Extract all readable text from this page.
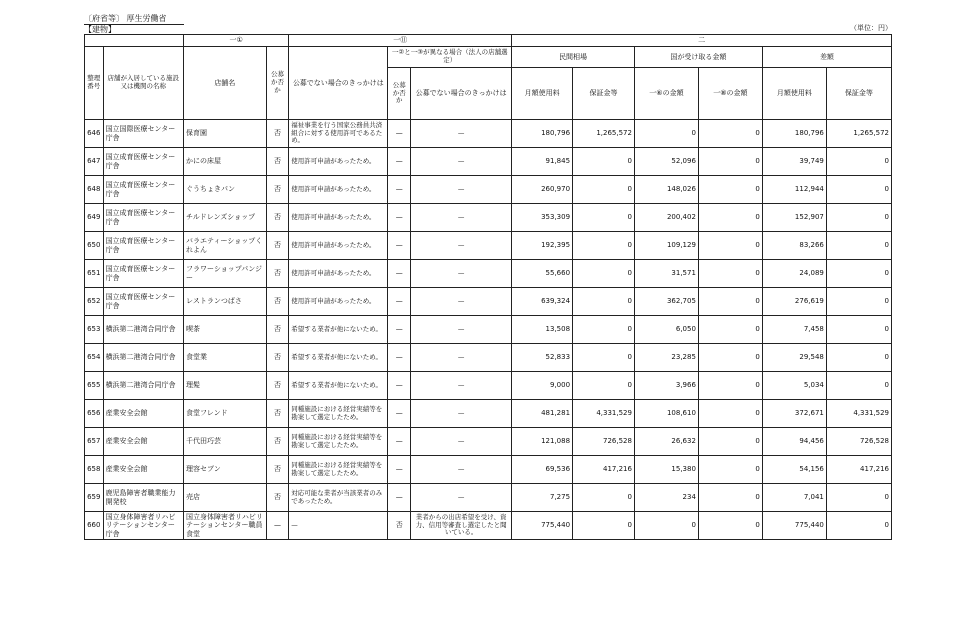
〔府省等〕 厚生労働省
【建物】	（単位：円）
		一①		一⑪			二					
整理番号	店舗が入居している施設又は機関の名称	店舗名	公募か否か	公募でない場合のきっかけは	一②と一③が異なる場合（法人の店舗選定）		民間相場		国が受け取る金額		差額	
					公募か否か	公募でない場合のきっかけは	月額使用料	保証金等	一⑥の金額	一⑧の金額	月額使用料	保証金等
646	国立国際医療センター庁舎	保育園	否	福祉事業を行う国家公務員共済組合に対する使用許可であるため。	—	—	180,796	1,265,572	0	0	180,796	1,265,572
647	国立成育医療センター庁舎	かにの床屋	否	使用許可申請があったため。	—	—	91,845	0	52,096	0	39,749	0
648	国立成育医療センター庁舎	ぐうちょきパン	否	使用許可申請があったため。	—	—	260,970	0	148,026	0	112,944	0
649	国立成育医療センター庁舎	チルドレンズショップ	否	使用許可申請があったため。	—	—	353,309	0	200,402	0	152,907	0
650	国立成育医療センター庁舎	バラエティーショップくれよん	否	使用許可申請があったため。	—	—	192,395	0	109,129	0	83,266	0
651	国立成育医療センター庁舎	フラワーショップパンジー	否	使用許可申請があったため。	—	—	55,660	0	31,571	0	24,089	0
652	国立成育医療センター庁舎	レストランつばさ	否	使用許可申請があったため。	—	—	639,324	0	362,705	0	276,619	0
653	横浜第二港湾合同庁舎	喫茶	否	希望する業者が他にないため。	—	—	13,508	0	6,050	0	7,458	0
654	横浜第二港湾合同庁舎	食堂業	否	希望する業者が他にないため。	—	—	52,833	0	23,285	0	29,548	0
655	横浜第二港湾合同庁舎	理髪	否	希望する業者が他にないため。	—	—	9,000	0	3,966	0	5,034	0
656	産業安全会館	食堂フレンド	否	同種施設における経営実績等を勘案して選定したため。	—	—	481,281	4,331,529	108,610	0	372,671	4,331,529
657	産業安全会館	千代田巧芸	否	同種施設における経営実績等を勘案して選定したため。	—	—	121,088	726,528	26,632	0	94,456	726,528
658	産業安全会館	理容セブン	否	同種施設における経営実績等を勘案して選定したため。	—	—	69,536	417,216	15,380	0	54,156	417,216
659	鹿児島障害者職業能力開発校	売店	否	対応可能な業者が当該業者のみであったため。	—	—	7,275	0	234	0	7,041	0
660	国立身体障害者リハビリテーションセンター庁舎	国立身体障害者リハビリテーションセンター職員食堂	—	—	否	業者からの出店希望を受け、資力、信用等審査し選定したと聞いている。	775,440	0	0	0	775,440	0
